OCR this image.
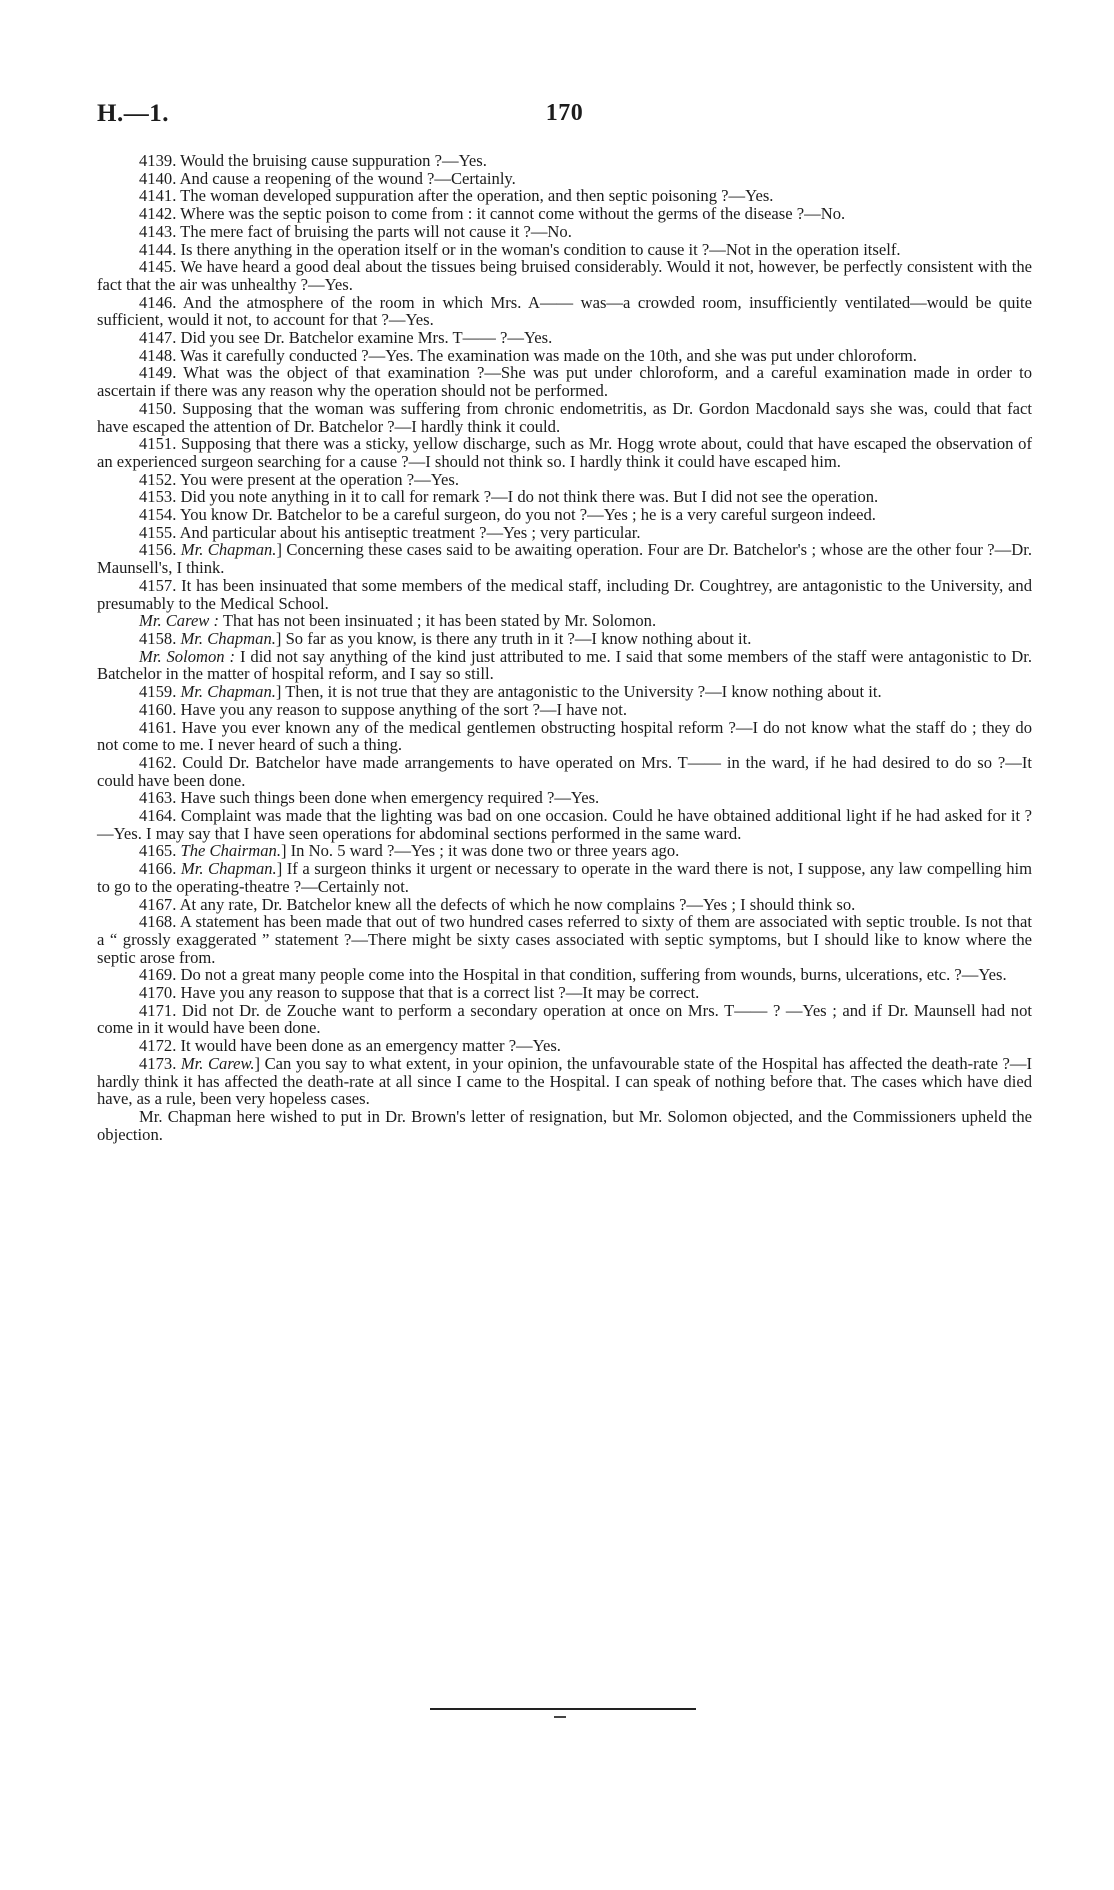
H.—1.	170

4139. Would the bruising cause suppuration ?—Yes.

4140. And cause a reopening of the wound ?—Certainly.

4141. The woman developed suppuration after the operation, and then septic poisoning ?—Yes.

4142. Where was the septic poison to come from : it cannot come without the germs of the disease ?—No.

4143. The mere fact of bruising the parts will not cause it ?—No.

4144. Is there anything in the operation itself or in the woman's condition to cause it ?—Not in the operation itself.

4145. We have heard a good deal about the tissues being bruised considerably. Would it not, however, be perfectly consistent with the fact that the air was unhealthy ?—Yes.

4146. And the atmosphere of the room in which Mrs. A—— was—a crowded room, insufficiently ventilated—would be quite sufficient, would it not, to account for that ?—Yes.

4147. Did you see Dr. Batchelor examine Mrs. T—— ?—Yes.

4148. Was it carefully conducted ?—Yes. The examination was made on the 10th, and she was put under chloroform.

4149. What was the object of that examination ?—She was put under chloroform, and a careful examination made in order to ascertain if there was any reason why the operation should not be performed.

4150. Supposing that the woman was suffering from chronic endometritis, as Dr. Gordon Macdonald says she was, could that fact have escaped the attention of Dr. Batchelor ?—I hardly think it could.

4151. Supposing that there was a sticky, yellow discharge, such as Mr. Hogg wrote about, could that have escaped the observation of an experienced surgeon searching for a cause ?—I should not think so. I hardly think it could have escaped him.

4152. You were present at the operation ?—Yes.

4153. Did you note anything in it to call for remark ?—I do not think there was. But I did not see the operation.

4154. You know Dr. Batchelor to be a careful surgeon, do you not ?—Yes ; he is a very careful surgeon indeed.

4155. And particular about his antiseptic treatment ?—Yes ; very particular.

4156. Mr. Chapman.] Concerning these cases said to be awaiting operation. Four are Dr. Batchelor's ; whose are the other four ?—Dr. Maunsell's, I think.

4157. It has been insinuated that some members of the medical staff, including Dr. Coughtrey, are antagonistic to the University, and presumably to the Medical School.

Mr. Carew : That has not been insinuated ; it has been stated by Mr. Solomon.

4158. Mr. Chapman.] So far as you know, is there any truth in it ?—I know nothing about it.

Mr. Solomon : I did not say anything of the kind just attributed to me. I said that some members of the staff were antagonistic to Dr. Batchelor in the matter of hospital reform, and I say so still.

4159. Mr. Chapman.] Then, it is not true that they are antagonistic to the University ?—I know nothing about it.

4160. Have you any reason to suppose anything of the sort ?—I have not.

4161. Have you ever known any of the medical gentlemen obstructing hospital reform ?—I do not know what the staff do ; they do not come to me. I never heard of such a thing.

4162. Could Dr. Batchelor have made arrangements to have operated on Mrs. T—— in the ward, if he had desired to do so ?—It could have been done.

4163. Have such things been done when emergency required ?—Yes.

4164. Complaint was made that the lighting was bad on one occasion. Could he have obtained additional light if he had asked for it ?—Yes. I may say that I have seen operations for abdominal sections performed in the same ward.

4165. The Chairman.] In No. 5 ward ?—Yes ; it was done two or three years ago.

4166. Mr. Chapman.] If a surgeon thinks it urgent or necessary to operate in the ward there is not, I suppose, any law compelling him to go to the operating-theatre ?—Certainly not.

4167. At any rate, Dr. Batchelor knew all the defects of which he now complains ?—Yes ; I should think so.

4168. A statement has been made that out of two hundred cases referred to sixty of them are associated with septic trouble. Is not that a “ grossly exaggerated ” statement ?—There might be sixty cases associated with septic symptoms, but I should like to know where the septic arose from.

4169. Do not a great many people come into the Hospital in that condition, suffering from wounds, burns, ulcerations, etc. ?—Yes.

4170. Have you any reason to suppose that that is a correct list ?—It may be correct.

4171. Did not Dr. de Zouche want to perform a secondary operation at once on Mrs. T—— ? —Yes ; and if Dr. Maunsell had not come in it would have been done.

4172. It would have been done as an emergency matter ?—Yes.

4173. Mr. Carew.] Can you say to what extent, in your opinion, the unfavourable state of the Hospital has affected the death-rate ?—I hardly think it has affected the death-rate at all since I came to the Hospital. I can speak of nothing before that. The cases which have died have, as a rule, been very hopeless cases.

Mr. Chapman here wished to put in Dr. Brown's letter of resignation, but Mr. Solomon objected, and the Commissioners upheld the objection.
